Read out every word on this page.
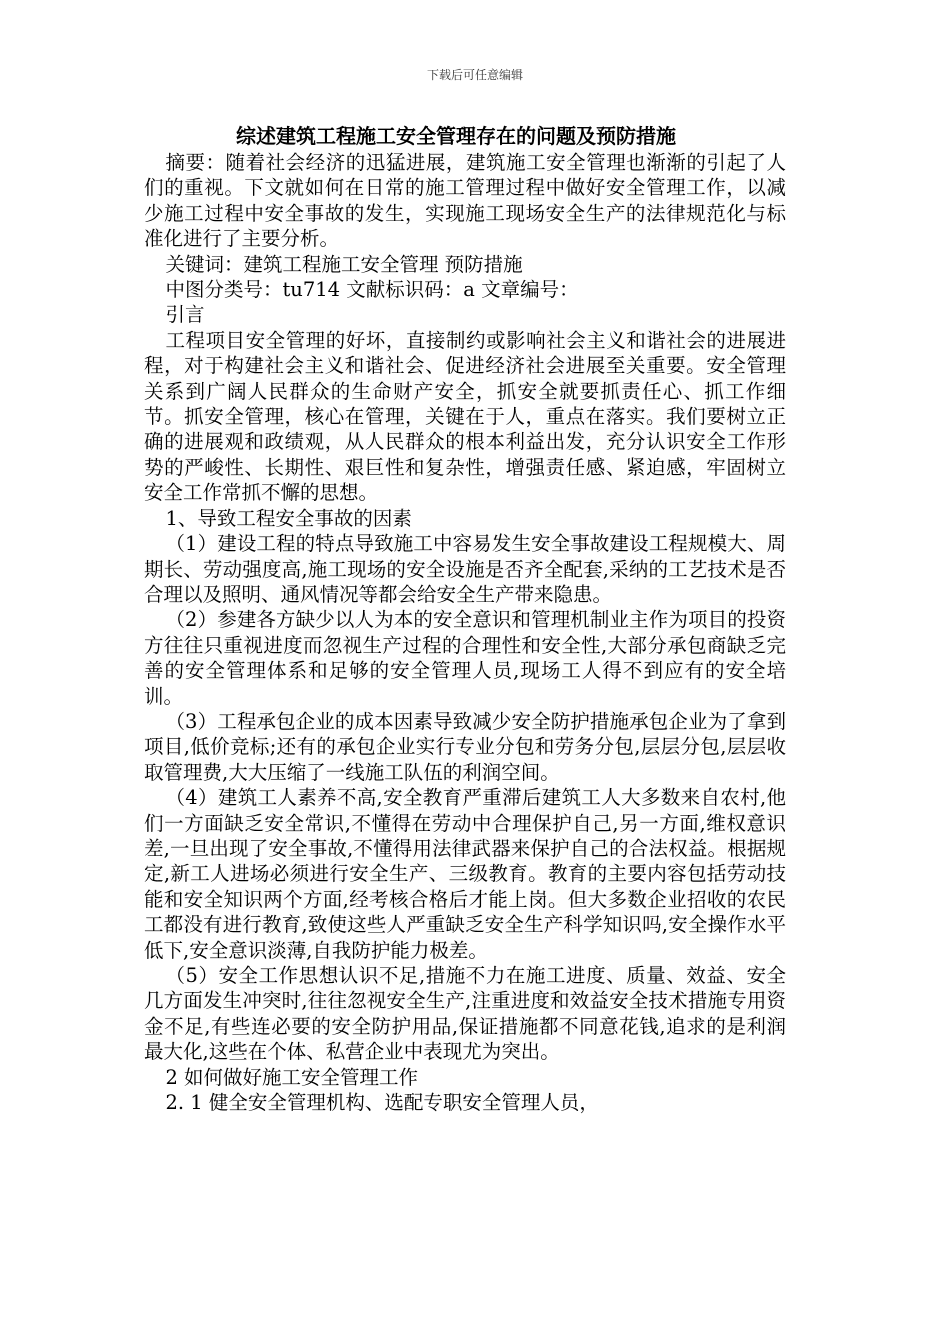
下载后可任意编辑
综述建筑工程施工安全管理存在的问题及预防措施

摘要：随着社会经济的迅猛进展，建筑施工安全管理也渐渐的引起了人们的重视。下文就如何在日常的施工管理过程中做好安全管理工作，以减少施工过程中安全事故的发生，实现施工现场安全生产的法律规范化与标准化进行了主要分析。

关键词：建筑工程施工安全管理 预防措施

中图分类号：tu714 文献标识码：a 文章编号：

引言

工程项目安全管理的好坏，直接制约或影响社会主义和谐社会的进展进程，对于构建社会主义和谐社会、促进经济社会进展至关重要。安全管理关系到广阔人民群众的生命财产安全，抓安全就要抓责任心、抓工作细节。抓安全管理，核心在管理，关键在于人，重点在落实。我们要树立正确的进展观和政绩观，从人民群众的根本利益出发，充分认识安全工作形势的严峻性、长期性、艰巨性和复杂性，增强责任感、紧迫感，牢固树立安全工作常抓不懈的思想。

1、导致工程安全事故的因素

（1）建设工程的特点导致施工中容易发生安全事故建设工程规模大、周期长、劳动强度高,施工现场的安全设施是否齐全配套,采纳的工艺技术是否合理以及照明、通风情况等都会给安全生产带来隐患。

（2）参建各方缺少以人为本的安全意识和管理机制业主作为项目的投资方往往只重视进度而忽视生产过程的合理性和安全性,大部分承包商缺乏完善的安全管理体系和足够的安全管理人员,现场工人得不到应有的安全培训。

（3）工程承包企业的成本因素导致减少安全防护措施承包企业为了拿到项目,低价竞标;还有的承包企业实行专业分包和劳务分包,层层分包,层层收取管理费,大大压缩了一线施工队伍的利润空间。

（4）建筑工人素养不高,安全教育严重滞后建筑工人大多数来自农村,他们一方面缺乏安全常识,不懂得在劳动中合理保护自己,另一方面,维权意识差,一旦出现了安全事故,不懂得用法律武器来保护自己的合法权益。根据规定,新工人进场必须进行安全生产、三级教育。教育的主要内容包括劳动技能和安全知识两个方面,经考核合格后才能上岗。但大多数企业招收的农民工都没有进行教育,致使这些人严重缺乏安全生产科学知识吗,安全操作水平低下,安全意识淡薄,自我防护能力极差。

（5）安全工作思想认识不足,措施不力在施工进度、质量、效益、安全几方面发生冲突时,往往忽视安全生产,注重进度和效益安全技术措施专用资金不足,有些连必要的安全防护用品,保证措施都不同意花钱,追求的是利润最大化,这些在个体、私营企业中表现尤为突出。

2 如何做好施工安全管理工作

2. 1 健全安全管理机构、选配专职安全管理人员，
